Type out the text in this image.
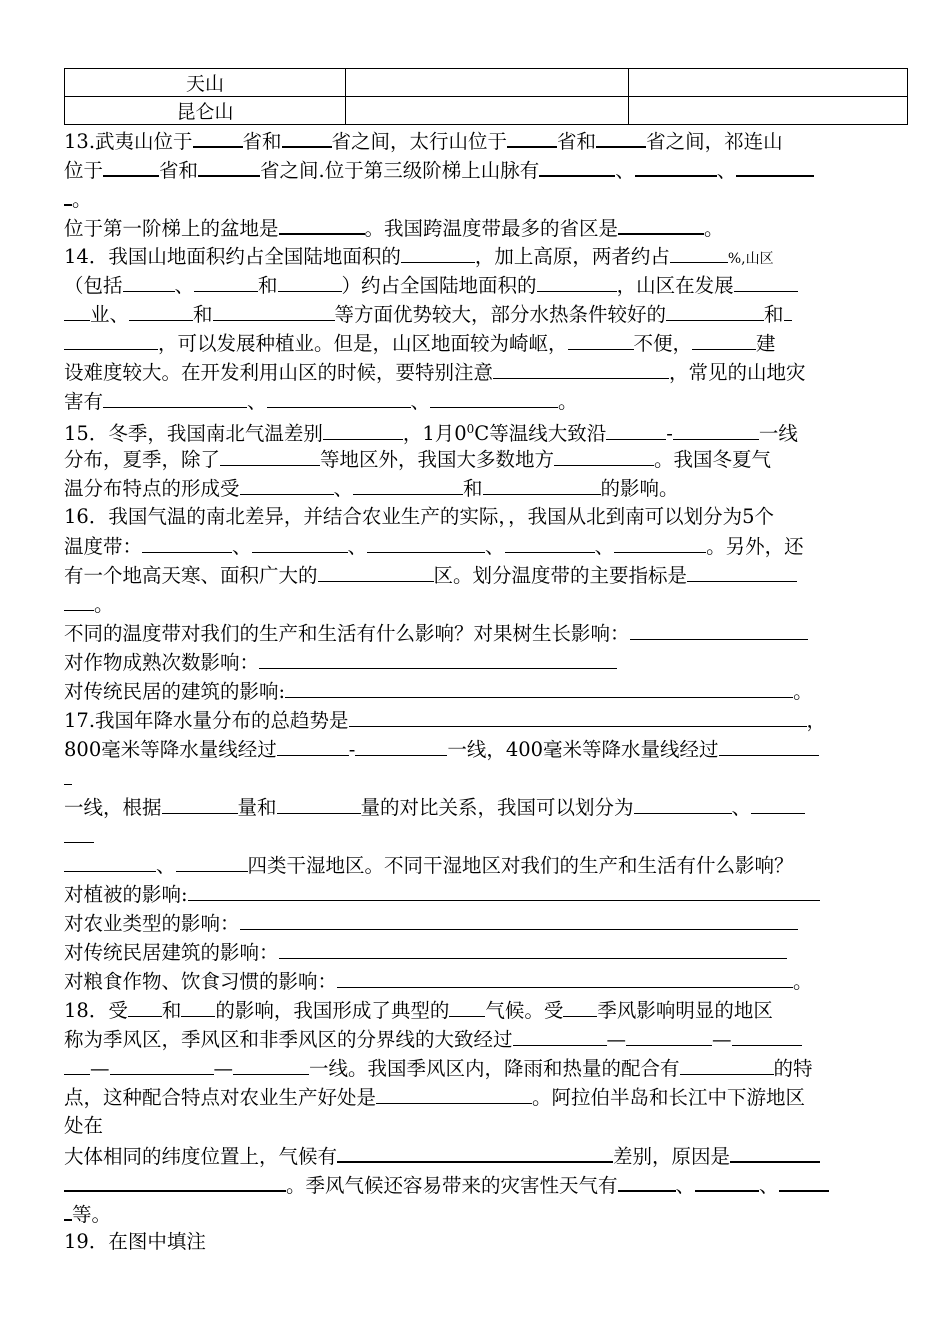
天山		
昆仑山		
13.武夷山位于	省和	省之间，太行山位于	省和	省之间，祁连山
位于	省和	省之间.位于第三级阶梯上山脉有	、	、
。
位于第一阶梯上的盆地是	。我国跨温度带最多的省区是	。
14．我国山地面积约占全国陆地面积的	，加上高原，两者约占	%,山区
（包括	、	和	）约占全国陆地面积的	，山区在发展
业、	和	等方面优势较大，部分水热条件较好的	和
，可以发展种植业。但是，山区地面较为崎岖，	不便，	建
设难度较大。在开发利用山区的时候，要特别注意	，常见的山地灾
害有	、	、	。
15．冬季，我国南北气温差别	，1月$0^0C$等温线大致沿	-	一线
分布，夏季，除了	等地区外，我国大多数地方	。我国冬夏气
温分布特点的形成受	、	和	的影响。
16．我国气温的南北差异，并结合农业生产的实际，，我国从北到南可以划分为5个
温度带：	、	、	、	、	。另外，还
有一个地高天寒、面积广大的	区。划分温度带的主要指标是
。
不同的温度带对我们的生产和生活有什么影响？对果树生长影响：
对作物成熟次数影响：
对传统民居的建筑的影响:	。
17.我国年降水量分布的总趋势是	，
800毫米等降水量线经过	-	一线，400毫米等降水量线经过
一线，根据	量和	量的对比关系，我国可以划分为	、
、	四类干湿地区。不同干湿地区对我们的生产和生活有什么影响？
对植被的影响:
对农业类型的影响：
对传统民居建筑的影响：
对粮食作物、饮食习惯的影响：	。
18．受 和 的影响，我国形成了典型的 气候。受 季风影响明显的地区
称为季风区，季风区和非季风区的分界线的大致经过	—	—
—	—	一线。我国季风区内，降雨和热量的配合有	的特
点，这种配合特点对农业生产好处是	。阿拉伯半岛和长江中下游地区
处在
大体相同的纬度位置上，气候有	差别，原因是
。季风气候还容易带来的灾害性天气有	、	、
等。
19．在图中填注
